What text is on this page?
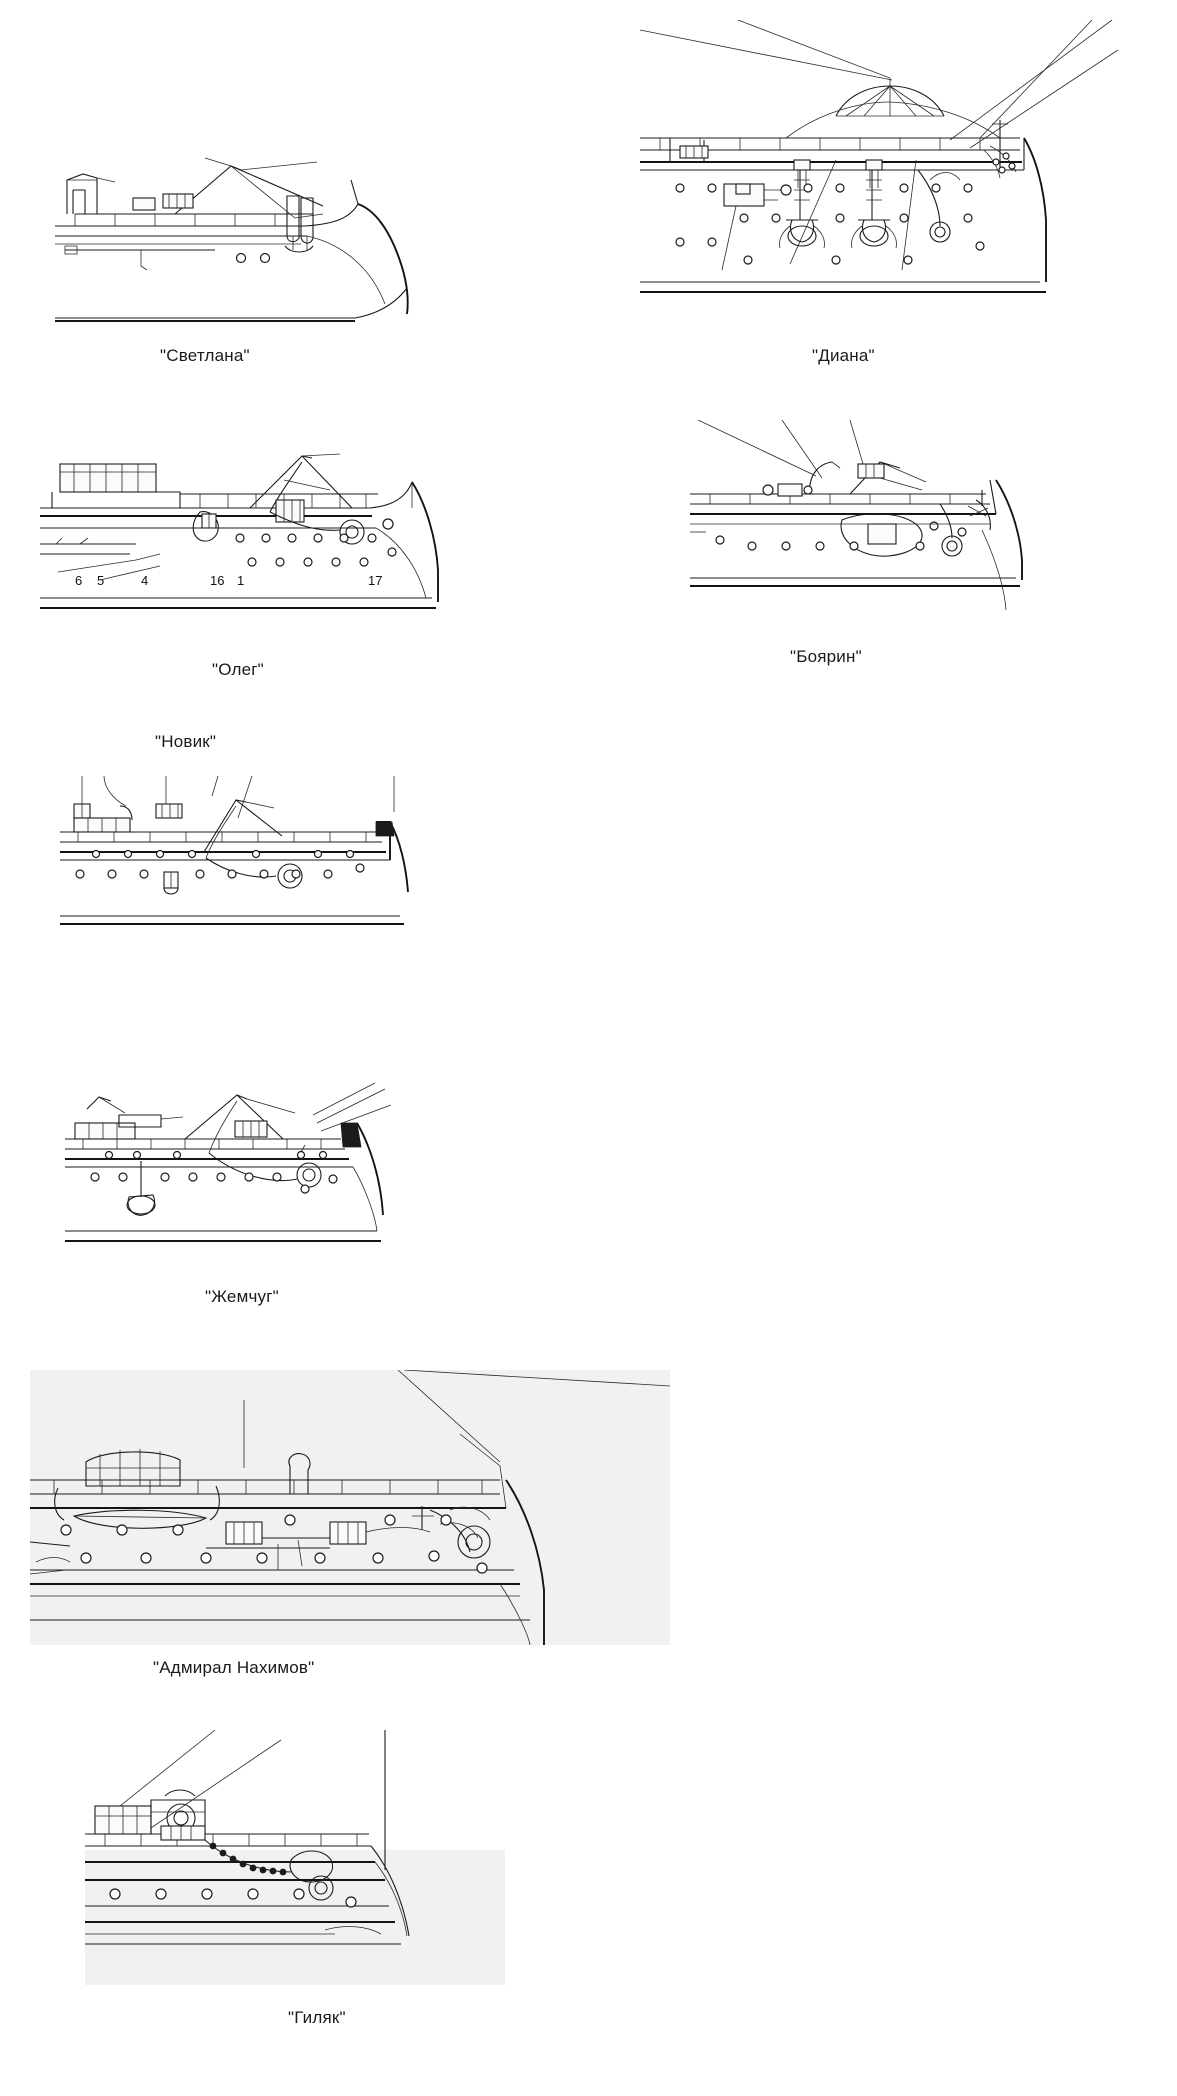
"Светлана"	"Диана"
"Олег"
"Боярин"
6 5	4	16 1	17
"Новик"
"Жемчуг"
"Адмирал Нахимов"
"Гиляк"
